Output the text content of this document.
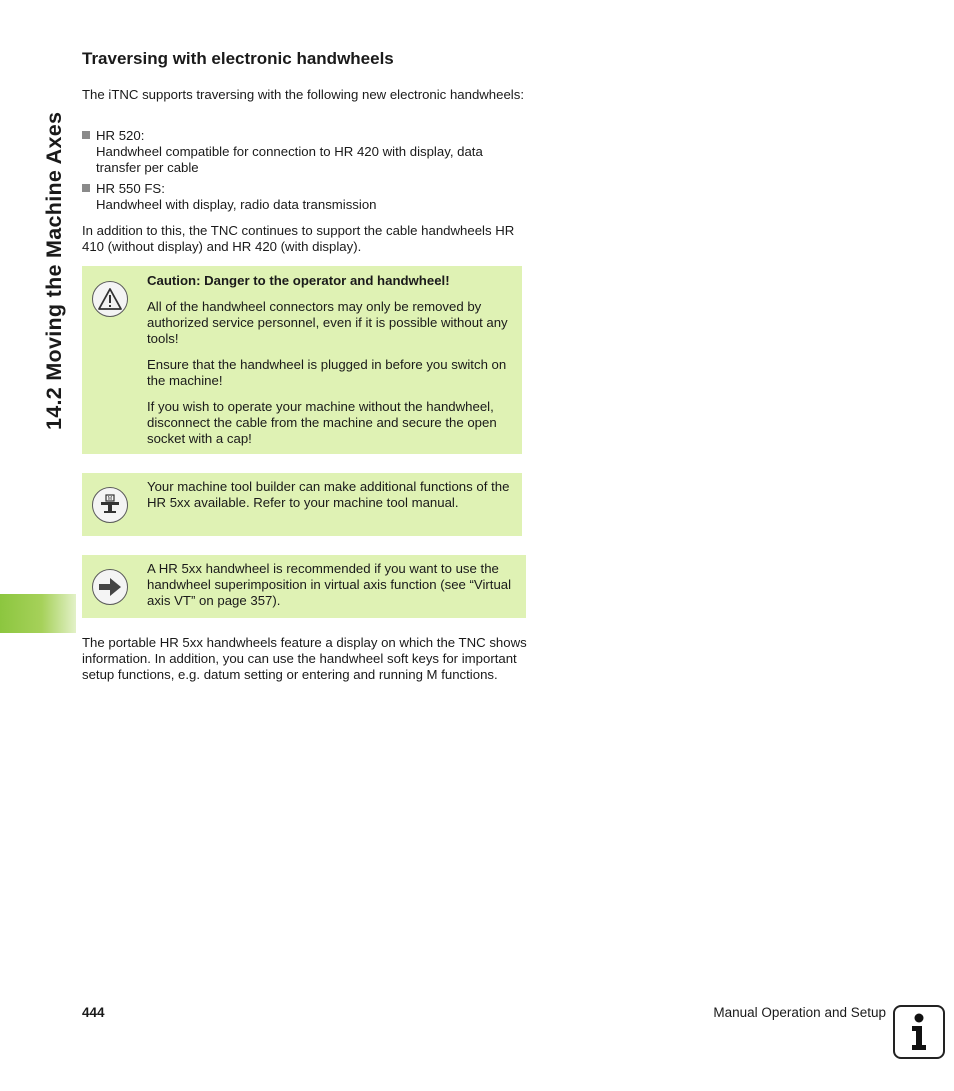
14.2 Moving the Machine Axes
Traversing with electronic handwheels

The iTNC supports traversing with the following new electronic handwheels:

HR 520:
Handwheel compatible for connection to HR 420 with display, data transfer per cable
HR 550 FS:
Handwheel with display, radio data transmission

In addition to this, the TNC continues to support the cable handwheels HR 410 (without display) and HR 420 (with display).

Caution: Danger to the operator and handwheel!

All of the handwheel connectors may only be removed by authorized service personnel, even if it is possible without any tools!

Ensure that the handwheel is plugged in before you switch on the machine!

If you wish to operate your machine without the handwheel, disconnect the cable from the machine and secure the open socket with a cap!

M

Your machine tool builder can make additional functions of the HR 5xx available. Refer to your machine tool manual.

A HR 5xx handwheel is recommended if you want to use the handwheel superimposition in virtual axis function (see “Virtual axis VT” on page 357).

The portable HR 5xx handwheels feature a display on which the TNC shows information. In addition, you can use the handwheel soft keys for important setup functions, e.g. datum setting or entering and running M functions.

444	Manual Operation and Setup
